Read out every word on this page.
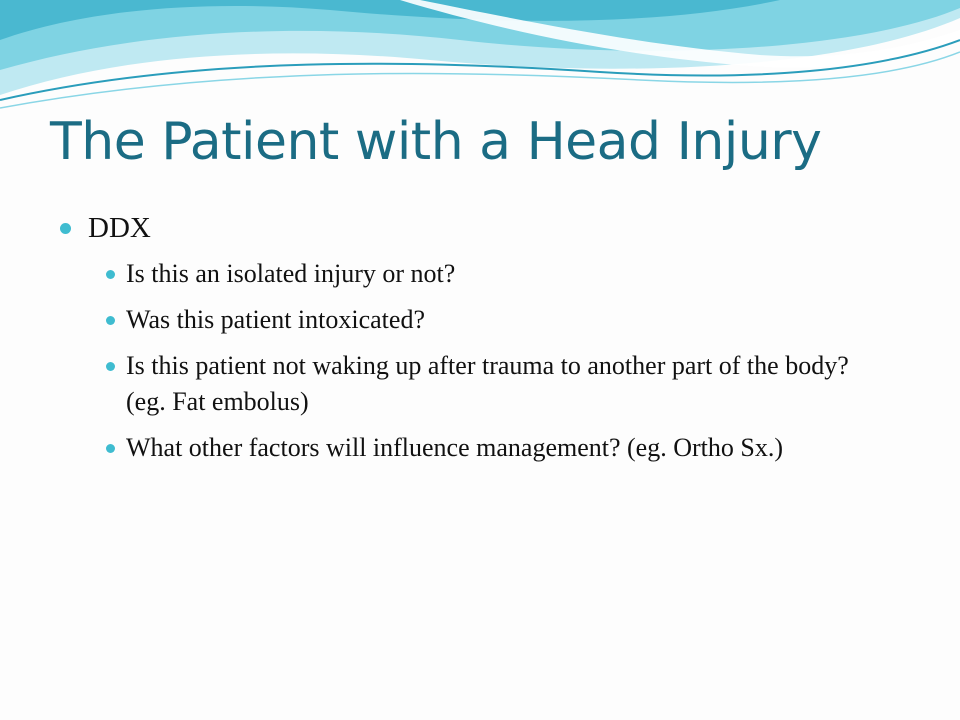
The Patient with a Head Injury
DDX
Is this an isolated injury or not?
Was this patient intoxicated?
Is this patient not waking up after trauma to another part of the body? (eg. Fat embolus)
What other factors will influence management? (eg. Ortho Sx.)
